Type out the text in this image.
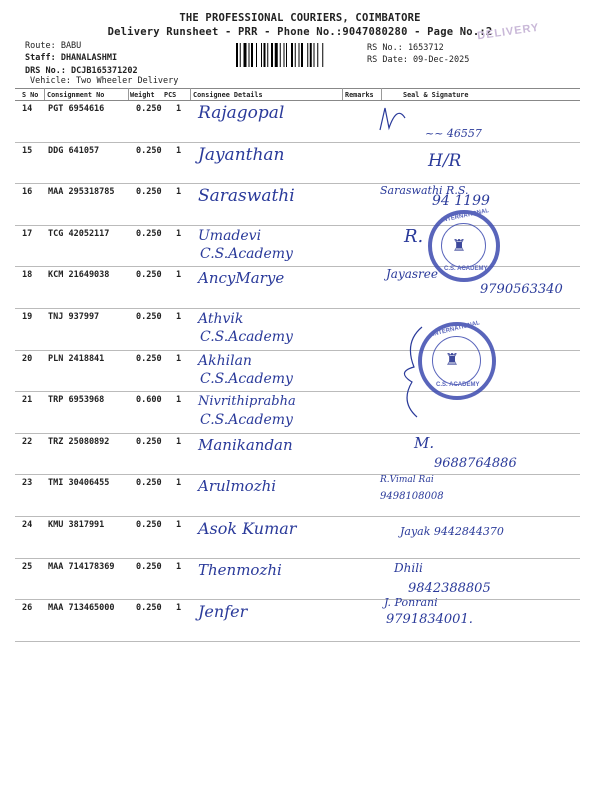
THE PROFESSIONAL COURIERS, COIMBATORE
Delivery Runsheet - PRR - Phone No.:9047080280 - Page No.:2
DELIVERY
Route: BABU
Staff: DHANALASHMI
DRS No.: DCJB165371202
Vehicle: Two Wheeler Delivery
RS No.: 1653712
RS Date: 09-Dec-2025
S No Consignment No	Weight PCS Consignee Details	Remarks	Seal & Signature
14 PGT 6954616	0.250 1 Rajagopal
~~ 46557
15 DDG 641057	0.250 1 Jayanthan	H/R
16 MAA 295318785	0.250 1 Saraswathi	Saraswathi R.S.
94 1199
17 TCG 42052117	0.250 1 Umadevi
C.S.Academy
R.
18 KCM 21649038	0.250 1 AncyMarye	Jayasree
9790563340
19 TNJ 937997	0.250 1 Athvik
C.S.Academy
20 PLN 2418841	0.250 1 Akhilan
C.S.Academy
21 TRP 6953968	0.600 1 Nivrithiprabha
C.S.Academy
22 TRZ 25080892	0.250 1 Manikandan	M.
9688764886
23 TMI 30406455	0.250 1 Arulmozhi	R.Vimal Rai
9498108008
24 KMU 3817991	0.250 1 Asok Kumar	Jayak 9442844370
25 MAA 714178369	0.250 1 Thenmozhi	Dhili
9842388805
26 MAA 713465000	0.250 1 Jenfer	J. Ponrani
9791834001.
INTERNATIONAL
♜
C.S. ACADEMY
INTERNATIONAL
♜
C.S. ACADEMY
